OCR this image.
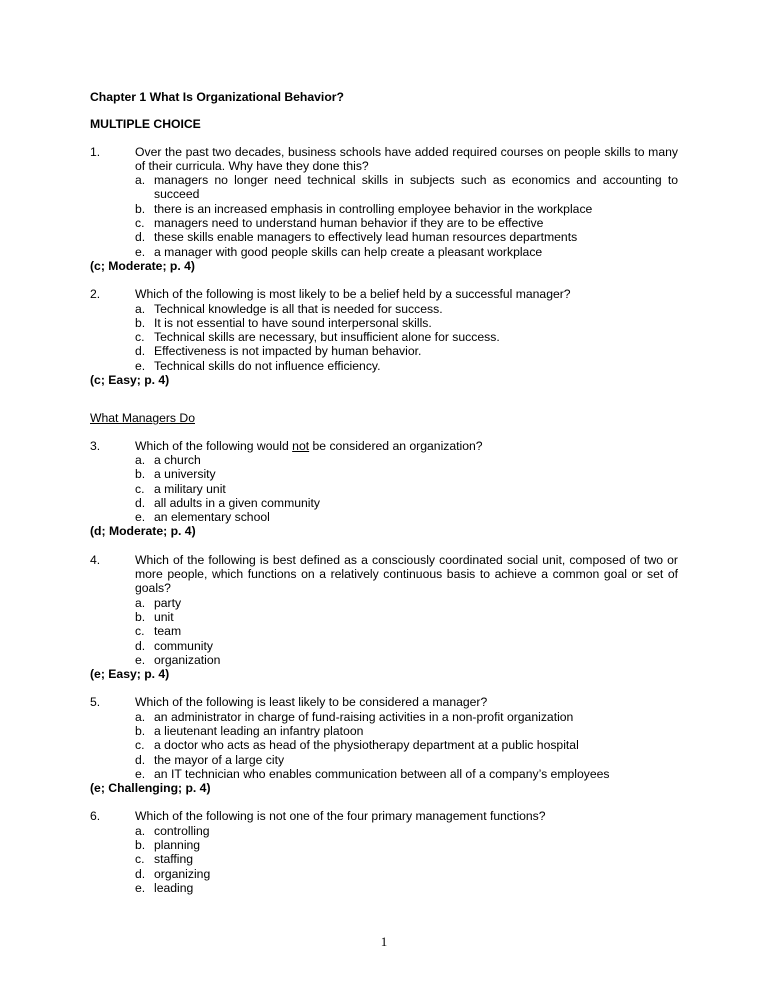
Chapter 1 What Is Organizational Behavior?
MULTIPLE CHOICE
1.	Over the past two decades, business schools have added required courses on people skills to many of their curricula. Why have they done this?
a. managers no longer need technical skills in subjects such as economics and accounting to succeed
b. there is an increased emphasis in controlling employee behavior in the workplace
c. managers need to understand human behavior if they are to be effective
d. these skills enable managers to effectively lead human resources departments
e. a manager with good people skills can help create a pleasant workplace
(c; Moderate; p. 4)
2.	Which of the following is most likely to be a belief held by a successful manager?
a. Technical knowledge is all that is needed for success.
b. It is not essential to have sound interpersonal skills.
c. Technical skills are necessary, but insufficient alone for success.
d. Effectiveness is not impacted by human behavior.
e. Technical skills do not influence efficiency.
(c; Easy; p. 4)
What Managers Do
3.	Which of the following would not be considered an organization?
a. a church
b. a university
c. a military unit
d. all adults in a given community
e. an elementary school
(d; Moderate; p. 4)
4.	Which of the following is best defined as a consciously coordinated social unit, composed of two or more people, which functions on a relatively continuous basis to achieve a common goal or set of goals?
a. party
b. unit
c. team
d. community
e. organization
(e; Easy; p. 4)
5.	Which of the following is least likely to be considered a manager?
a. an administrator in charge of fund-raising activities in a non-profit organization
b. a lieutenant leading an infantry platoon
c. a doctor who acts as head of the physiotherapy department at a public hospital
d. the mayor of a large city
e. an IT technician who enables communication between all of a company’s employees
(e; Challenging; p. 4)
6.	Which of the following is not one of the four primary management functions?
a. controlling
b. planning
c. staffing
d. organizing
e. leading
1
